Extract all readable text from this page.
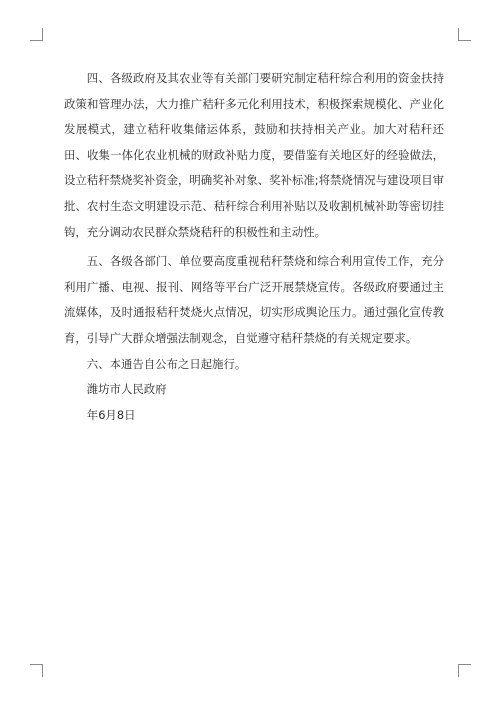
四、各级政府及其农业等有关部门要研究制定秸秆综合利用的资金扶持政策和管理办法，大力推广秸秆多元化利用技术，积极探索规模化、产业化发展模式，建立秸秆收集储运体系，鼓励和扶持相关产业。加大对秸秆还田、收集一体化农业机械的财政补贴力度，要借鉴有关地区好的经验做法，设立秸秆禁烧奖补资金，明确奖补对象、奖补标准;将禁烧情况与建设项目审批、农村生态文明建设示范、秸秆综合利用补贴以及收割机械补助等密切挂钩，充分调动农民群众禁烧秸秆的积极性和主动性。

五、各级各部门、单位要高度重视秸秆禁烧和综合利用宣传工作，充分利用广播、电视、报刊、网络等平台广泛开展禁烧宣传。各级政府要通过主流媒体，及时通报秸秆焚烧火点情况，切实形成舆论压力。通过强化宣传教育，引导广大群众增强法制观念，自觉遵守秸秆禁烧的有关规定要求。

六、本通告自公布之日起施行。

潍坊市人民政府

年6月8日
